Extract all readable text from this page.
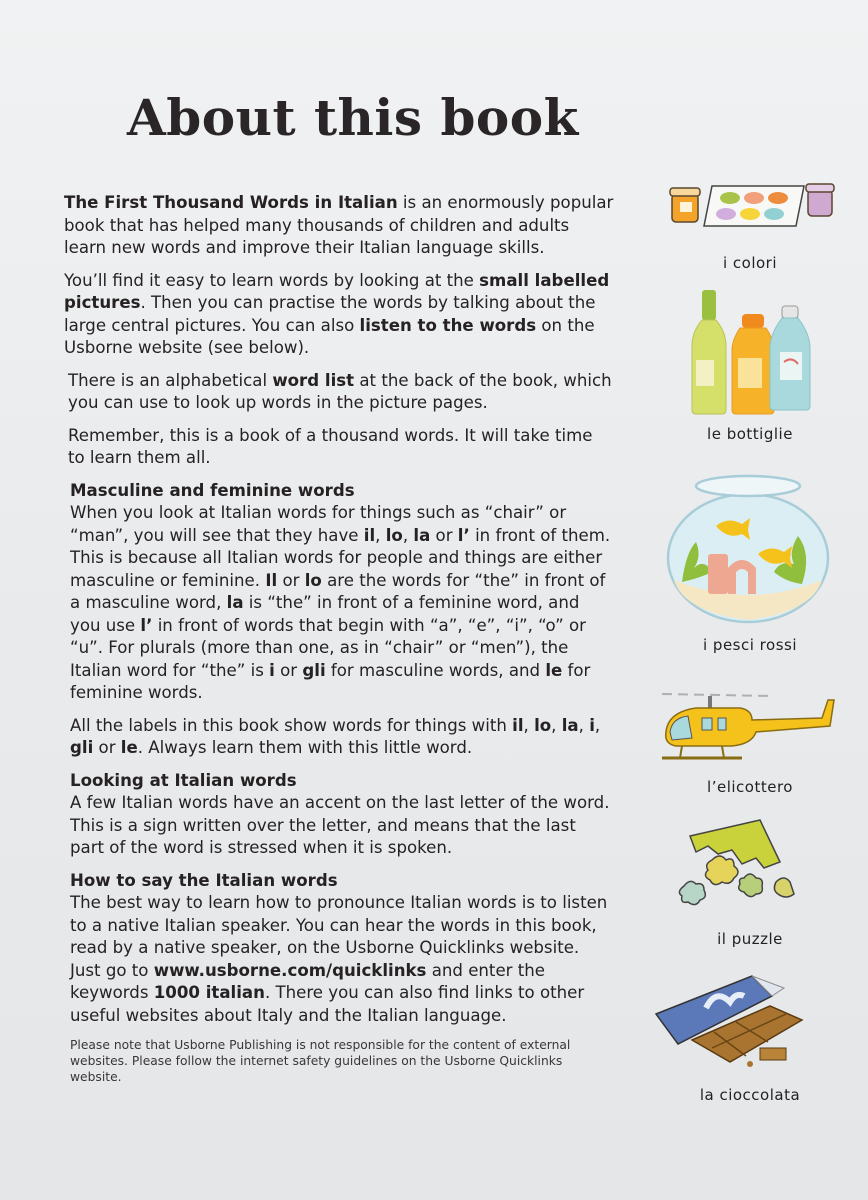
About this book

The First Thousand Words in Italian is an enormously popular book that has helped many thousands of children and adults learn new words and improve their Italian language skills.

You’ll find it easy to learn words by looking at the small labelled pictures. Then you can practise the words by talking about the large central pictures. You can also listen to the words on the Usborne website (see below).

There is an alphabetical word list at the back of the book, which you can use to look up words in the picture pages.

Remember, this is a book of a thousand words. It will take time to learn them all.

Masculine and feminine words

When you look at Italian words for things such as “chair” or “man”, you will see that they have il, lo, la or l’ in front of them. This is because all Italian words for people and things are either masculine or feminine. Il or lo are the words for “the” in front of a masculine word, la is “the” in front of a feminine word, and you use l’ in front of words that begin with “a”, “e”, “i”, “o” or “u”. For plurals (more than one, as in “chair” or “men”), the Italian word for “the” is i or gli for masculine words, and le for feminine words.

All the labels in this book show words for things with il, lo, la, i, gli or le. Always learn them with this little word.

Looking at Italian words

A few Italian words have an accent on the last letter of the word. This is a sign written over the letter, and means that the last part of the word is stressed when it is spoken.

How to say the Italian words

The best way to learn how to pronounce Italian words is to listen to a native Italian speaker. You can hear the words in this book, read by a native speaker, on the Usborne Quicklinks website. Just go to www.usborne.com/quicklinks and enter the keywords 1000 italian. There you can also find links to other useful websites about Italy and the Italian language.

Please note that Usborne Publishing is not responsible for the content of external websites. Please follow the internet safety guidelines on the Usborne Quicklinks website.
i colori
le bottiglie
i pesci rossi
l’elicottero
il puzzle
la cioccolata
